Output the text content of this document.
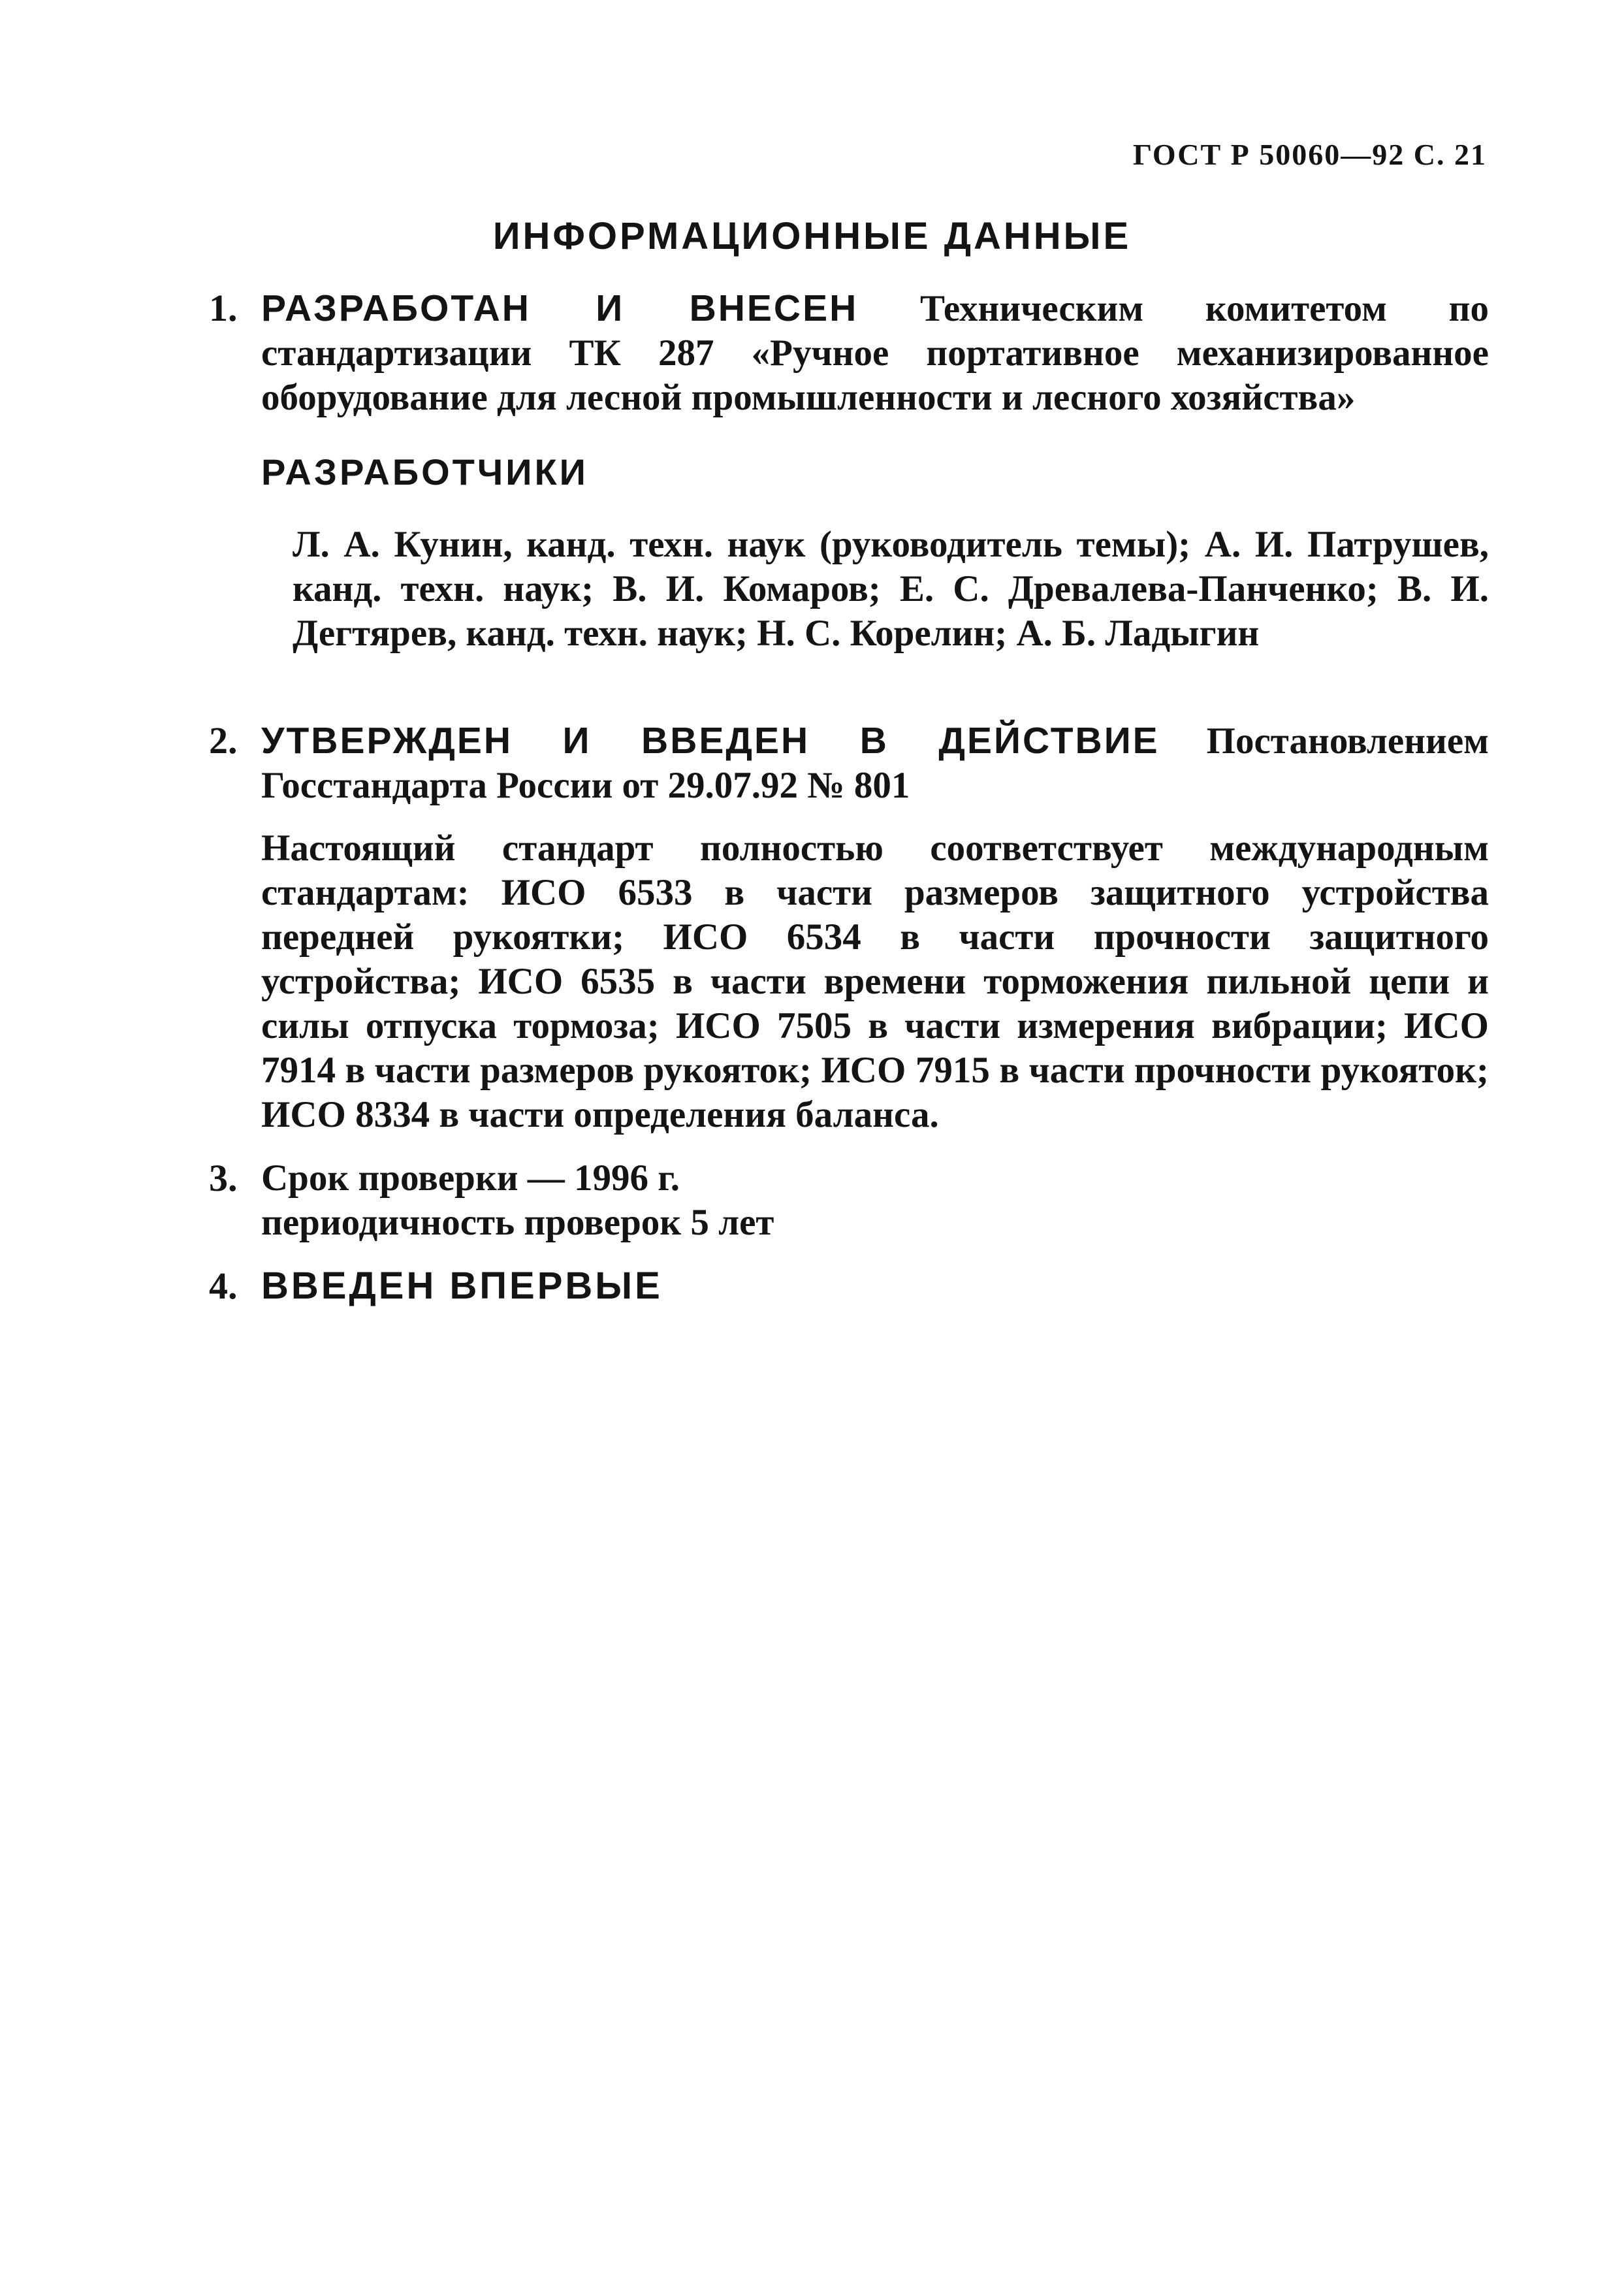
ГОСТ Р 50060—92 С. 21
ИНФОРМАЦИОННЫЕ ДАННЫЕ
1. РАЗРАБОТАН И ВНЕСЕН Техническим комитетом по стандартизации ТК 287 «Ручное портативное механизированное оборудование для лесной промышленности и лесного хозяйства»
РАЗРАБОТЧИКИ
Л. А. Кунин, канд. техн. наук (руководитель темы); А. И. Патрушев, канд. техн. наук; В. И. Комаров; Е. С. Древалева-Панченко; В. И. Дегтярев, канд. техн. наук; Н. С. Корелин; А. Б. Ладыгин
2. УТВЕРЖДЕН И ВВЕДЕН В ДЕЙСТВИЕ Постановлением Госстандарта России от 29.07.92 № 801
Настоящий стандарт полностью соответствует международным стандартам: ИСО 6533 в части размеров защитного устройства передней рукоятки; ИСО 6534 в части прочности защитного устройства; ИСО 6535 в части времени торможения пильной цепи и силы отпуска тормоза; ИСО 7505 в части измерения вибрации; ИСО 7914 в части размеров рукояток; ИСО 7915 в части прочности рукояток; ИСО 8334 в части определения баланса.
3. Срок проверки — 1996 г.
периодичность проверок 5 лет
4. ВВЕДЕН ВПЕРВЫЕ
